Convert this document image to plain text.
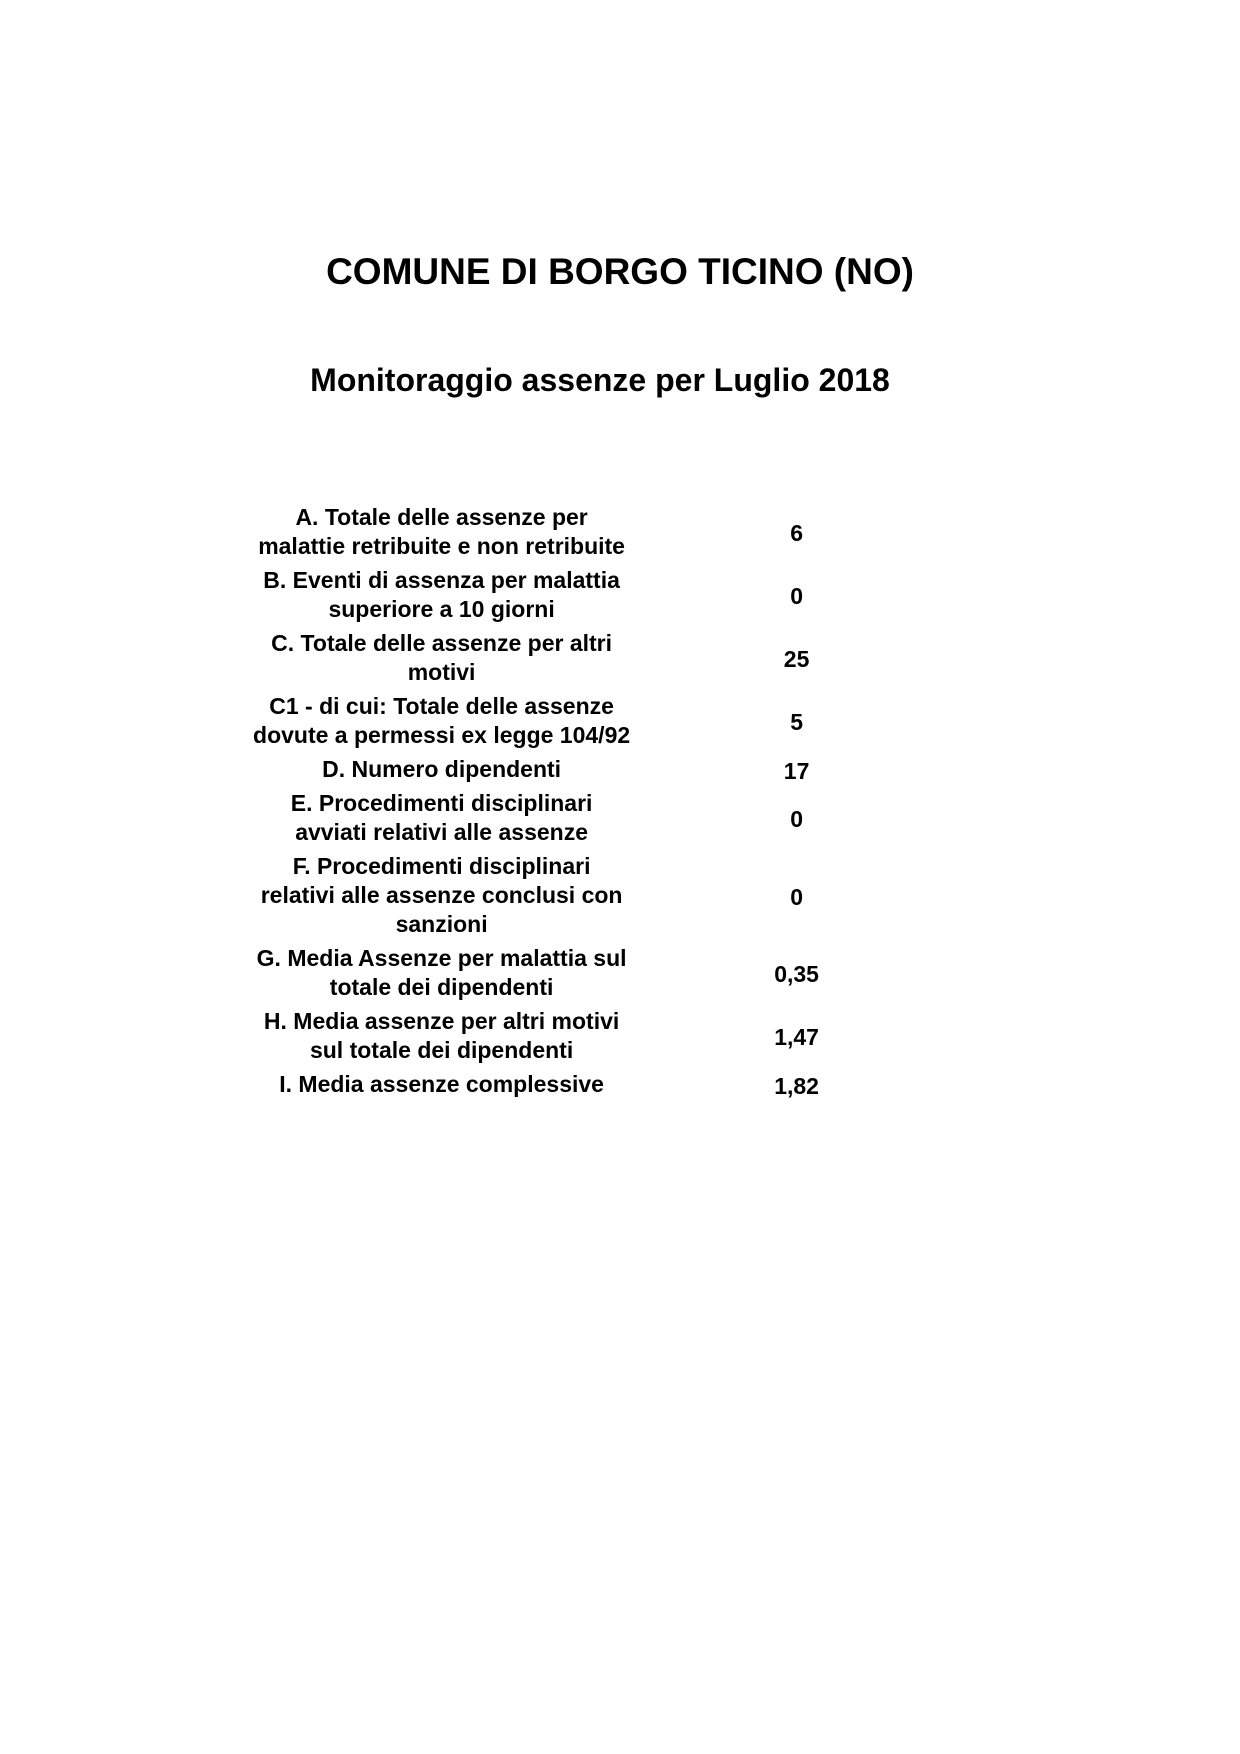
COMUNE DI BORGO TICINO (NO)
Monitoraggio assenze per Luglio 2018
A. Totale delle assenze per
malattie retribuite e non retribuite	6

B. Eventi di assenza per malattia
superiore a 10 giorni	0

C. Totale delle assenze per altri
motivi	25

C1 - di cui: Totale delle assenze
dovute a permessi ex legge 104/92	5

D. Numero dipendenti	17

E. Procedimenti disciplinari
avviati relativi alle assenze	0

F. Procedimenti disciplinari
relativi alle assenze conclusi con
sanzioni	0

G. Media Assenze per malattia sul
totale dei dipendenti	0,35

H. Media assenze per altri motivi
sul totale dei dipendenti	1,47

I. Media assenze complessive	1,82
